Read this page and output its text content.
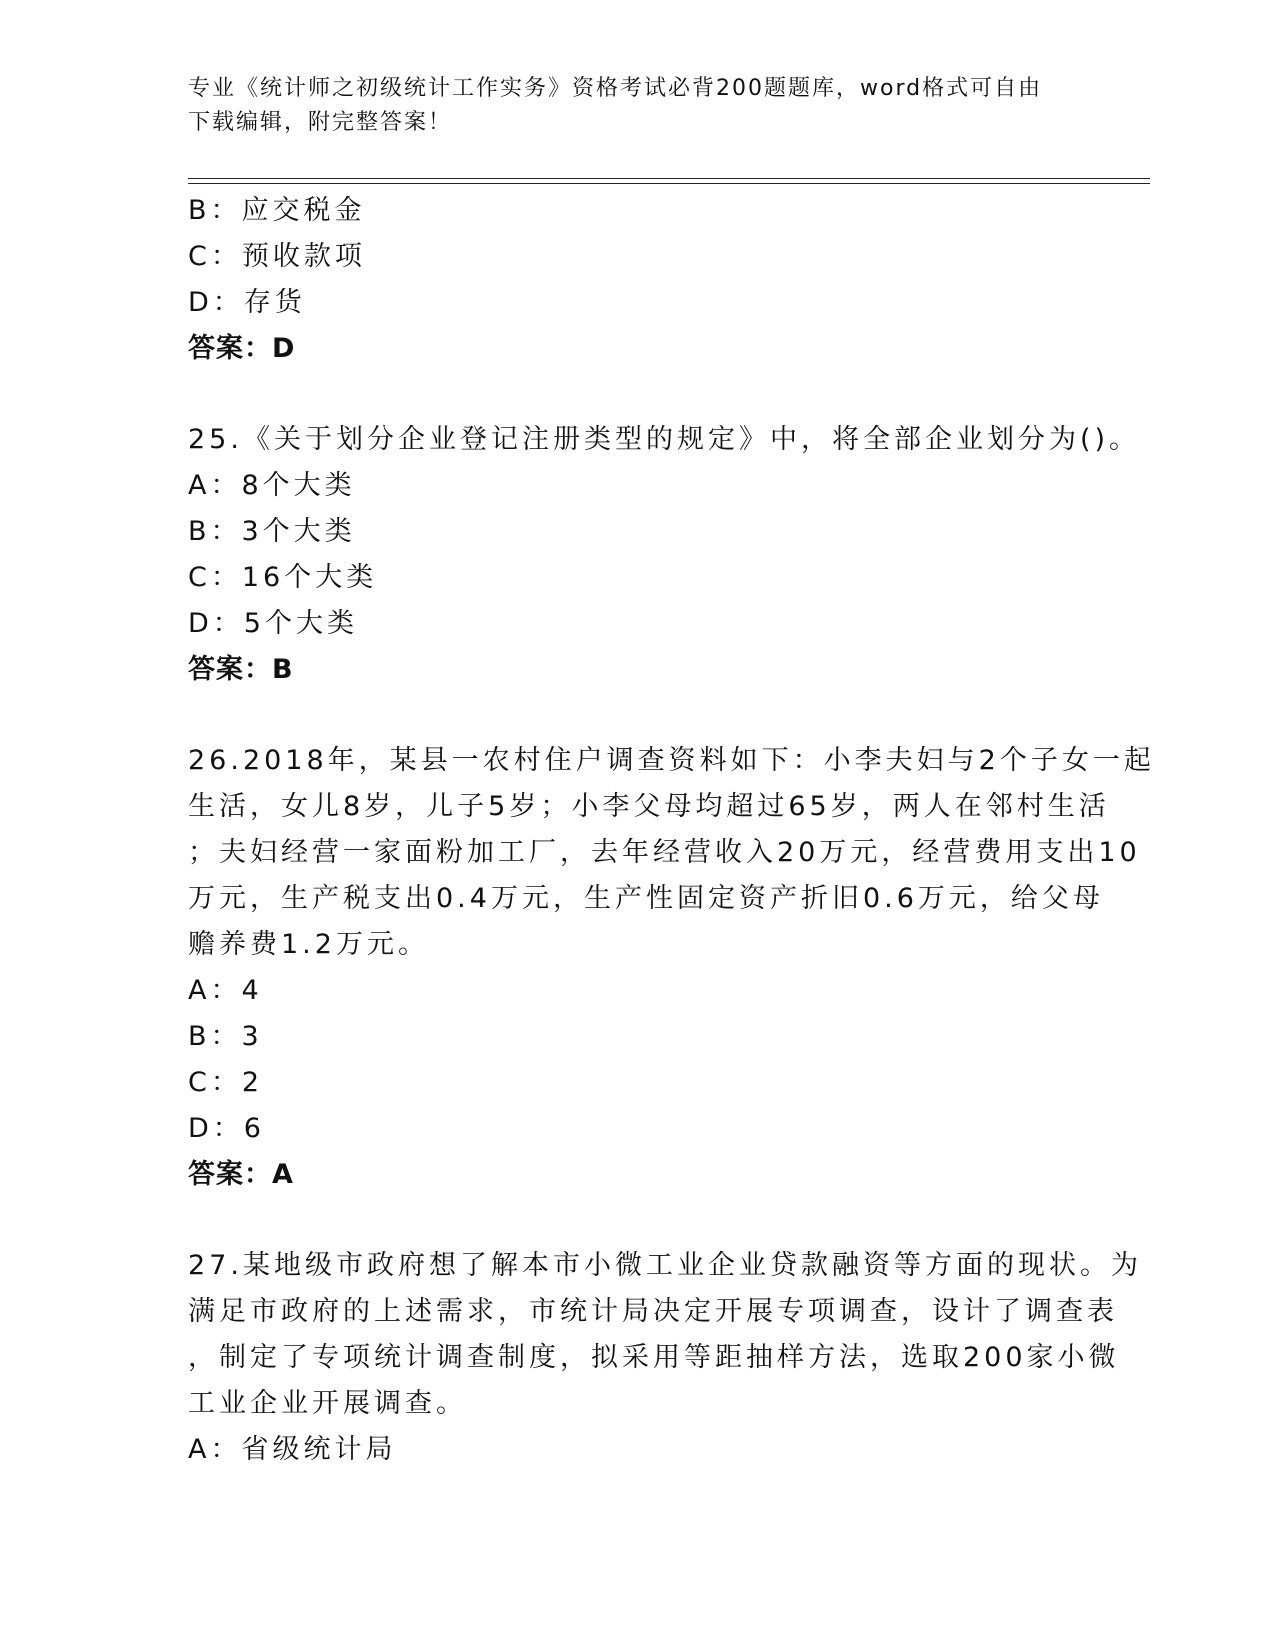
专业《统计师之初级统计工作实务》资格考试必背200题题库，word格式可自由
下载编辑，附完整答案！
B：应交税金
C：预收款项
D：存货
答案：D
25.《关于划分企业登记注册类型的规定》中，将全部企业划分为()。
A：8个大类
B：3个大类
C：16个大类
D：5个大类
答案：B
26.2018年，某县一农村住户调查资料如下：小李夫妇与2个子女一起
生活，女儿8岁，儿子5岁；小李父母均超过65岁，两人在邻村生活
；夫妇经营一家面粉加工厂，去年经营收入20万元，经营费用支出10
万元，生产税支出0.4万元，生产性固定资产折旧0.6万元，给父母
赡养费1.2万元。
A：4
B：3
C：2
D：6
答案：A
27.某地级市政府想了解本市小微工业企业贷款融资等方面的现状。为
满足市政府的上述需求，市统计局决定开展专项调查，设计了调查表
，制定了专项统计调查制度，拟采用等距抽样方法，选取200家小微
工业企业开展调查。
A：省级统计局
